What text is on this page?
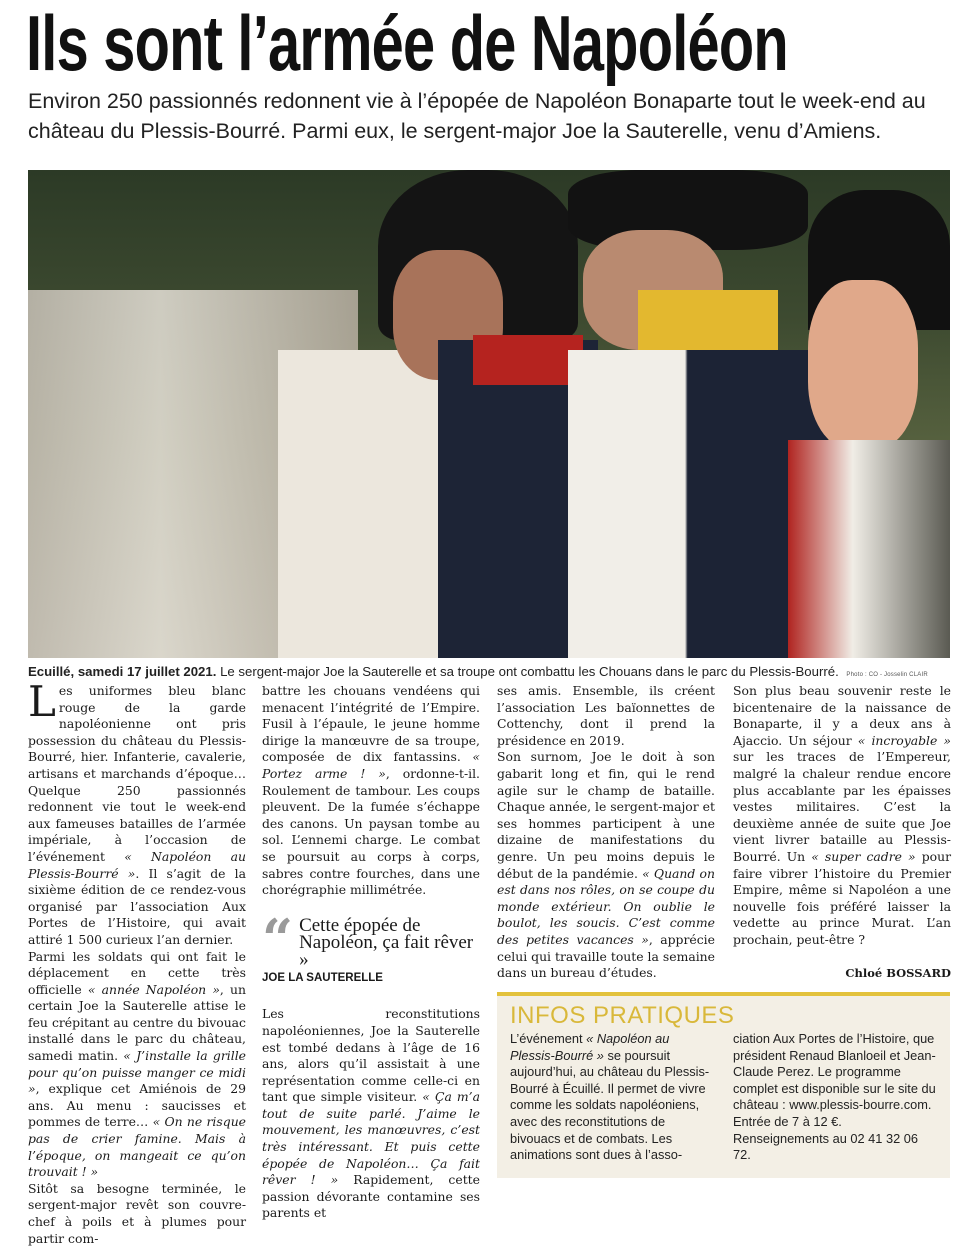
Ils sont l’armée de Napoléon

Environ 250 passionnés redonnent vie à l’épopée de Napoléon Bonaparte tout le week-end au château du Plessis-Bourré. Parmi eux, le sergent-major Joe la Sauterelle, venu d’Amiens.

Ecuillé, samedi 17 juillet 2021. Le sergent-major Joe la Sauterelle et sa troupe ont combattu les Chouans dans le parc du Plessis-Bourré. Photo : CO - Josselin CLAIR

Les uniformes bleu blanc rouge de la garde napoléonienne ont pris possession du château du Plessis-Bourré, hier. Infanterie, cavalerie, artisans et marchands d’époque… Quelque 250 passionnés redonnent vie tout le week-end aux fameuses batailles de l’armée impériale, à l’occasion de l’événement « Napoléon au Plessis-Bourré ». Il s’agit de la sixième édition de ce rendez-vous organisé par l’association Aux Portes de l’Histoire, qui avait attiré 1 500 curieux l’an dernier.

Parmi les soldats qui ont fait le déplacement en cette très officielle « année Napoléon », un certain Joe la Sauterelle attise le feu crépitant au centre du bivouac installé dans le parc du château, samedi matin. « J’installe la grille pour qu’on puisse manger ce midi », explique cet Amiénois de 29 ans. Au menu : saucisses et pommes de terre… « On ne risque pas de crier famine. Mais à l’époque, on mangeait ce qu’on trouvait ! »

Sitôt sa besogne terminée, le sergent-major revêt son couvre-chef à poils et à plumes pour partir com-

battre les chouans vendéens qui menacent l’intégrité de l’Empire. Fusil à l’épaule, le jeune homme dirige la manœuvre de sa troupe, composée de dix fantassins. « Portez arme ! », ordonne-t-il. Roulement de tambour. Les coups pleuvent. De la fumée s’échappe des canons. Un paysan tombe au sol. L’ennemi charge. Le combat se poursuit au corps à corps, sabres contre fourches, dans une chorégraphie millimétrée.

“ Cette épopée de Napoléon, ça fait rêver »
JOE LA SAUTERELLE

Les reconstitutions napoléoniennes, Joe la Sauterelle est tombé dedans à l’âge de 16 ans, alors qu’il assistait à une représentation comme celle-ci en tant que simple visiteur. « Ça m’a tout de suite parlé. J’aime le mouvement, les manœuvres, c’est très intéressant. Et puis cette épopée de Napoléon… Ça fait rêver ! » Rapidement, cette passion dévorante contamine ses parents et

ses amis. Ensemble, ils créent l’association Les baïonnettes de Cottenchy, dont il prend la présidence en 2019.

Son surnom, Joe le doit à son gabarit long et fin, qui le rend agile sur le champ de bataille. Chaque année, le sergent-major et ses hommes participent à une dizaine de manifestations du genre. Un peu moins depuis le début de la pandémie. « Quand on est dans nos rôles, on se coupe du monde extérieur. On oublie le boulot, les soucis. C’est comme des petites vacances », apprécie celui qui travaille toute la semaine dans un bureau d’études.

Son plus beau souvenir reste le bicentenaire de la naissance de Bonaparte, il y a deux ans à Ajaccio. Un séjour « incroyable » sur les traces de l’Empereur, malgré la chaleur rendue encore plus accablante par les épaisses vestes militaires. C’est la deuxième année de suite que Joe vient livrer bataille au Plessis-Bourré. Un « super cadre » pour faire vibrer l’histoire du Premier Empire, même si Napoléon a une nouvelle fois préféré laisser la vedette au prince Murat. L’an prochain, peut-être ?

Chloé BOSSARD

INFOS PRATIQUES
L’événement « Napoléon au Plessis-Bourré » se poursuit aujourd’hui, au château du Plessis-Bourré à Écuillé. Il permet de vivre comme les soldats napoléoniens, avec des reconstitutions de bivouacs et de combats. Les animations sont dues à l’asso-
ciation Aux Portes de l’Histoire, que président Renaud Blanloeil et Jean-Claude Perez. Le programme complet est disponible sur le site du château : www.plessis-bourre.com. Entrée de 7 à 12 €. Renseignements au 02 41 32 06 72.
